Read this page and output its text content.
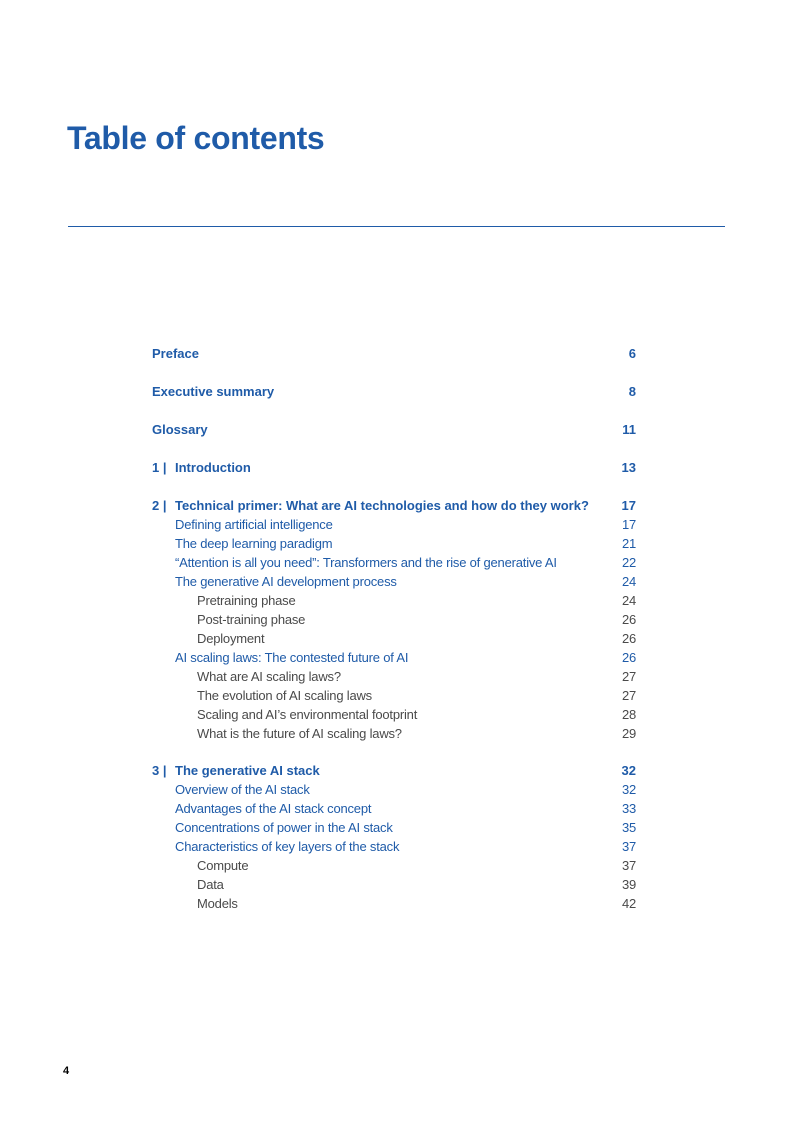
Table of contents
Preface	6
Executive summary	8
Glossary	11
1 | Introduction	13
2 | Technical primer: What are AI technologies and how do they work?	17
Defining artificial intelligence	17
The deep learning paradigm	21
“Attention is all you need”: Transformers and the rise of generative AI	22
The generative AI development process	24
Pretraining phase	24
Post-training phase	26
Deployment	26
AI scaling laws: The contested future of AI	26
What are AI scaling laws?	27
The evolution of AI scaling laws	27
Scaling and AI’s environmental footprint	28
What is the future of AI scaling laws?	29
3 | The generative AI stack	32
Overview of the AI stack	32
Advantages of the AI stack concept	33
Concentrations of power in the AI stack	35
Characteristics of key layers of the stack	37
Compute	37
Data	39
Models	42
4
